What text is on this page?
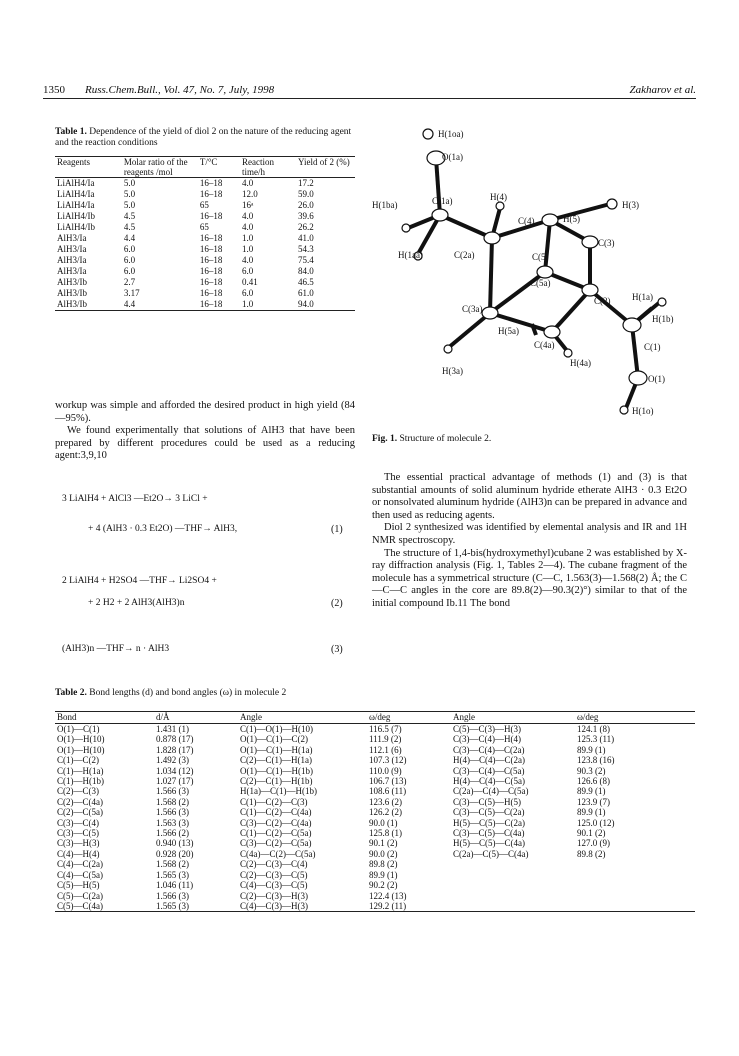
1350 Russ.Chem.Bull., Vol. 47, No. 7, July, 1998	Zakharov et al.
Table 1. Dependence of the yield of diol 2 on the nature of the reducing agent and the reaction conditions
Reagents	Molar ratio of the reagents /mol	T/°C	Reaction time/h	Yield of 2 (%)
LiAlH4/Ia	5.0	16–18	4.0	17.2
LiAlH4/Ia	5.0	16–18	12.0	59.0
LiAlH4/Ia	5.0	65	16ᵃ	26.0
LiAlH4/Ib	4.5	16–18	4.0	39.6
LiAlH4/Ib	4.5	65	4.0	26.2
AlH3/Ia	4.4	16–18	1.0	41.0
AlH3/Ia	6.0	16–18	1.0	54.3
AlH3/Ia	6.0	16–18	4.0	75.4
AlH3/Ia	6.0	16–18	6.0	84.0
AlH3/Ib	2.7	16–18	0.41	46.5
AlH3/Ib	3.17	16–18	6.0	61.0
AlH3/Ib	4.4	16–18	1.0	94.0

workup was simple and afforded the desired product in high yield (84—95%).

We found experimentally that solutions of AlH3 that have been prepared by different procedures could be used as a reducing agent:3,9,10

3 LiAlH4 + AlCl3 —Et2O→ 3 LiCl +
+ 4 (AlH3 · 0.3 Et2O) —THF→ AlH3,	(1)
2 LiAlH4 + H2SO4 —THF→ Li2SO4 +
+ 2 H2 + 2 AlH3(AlH3)n	(2)
(AlH3)n —THF→ n · AlH3	(3)
H(1oa)
O(1a)
H(1ba)	C(1a)	H(4)
C(4)	H(5)
H(3)
H(1aa)	C(2a)	C(5)
C(3)
C(5a)
C(2) H(1a)
C(3a)
H(1b)
H(5a)
C(4a)	C(1)
H(4a)
H(3a)
O(1)
H(1o)
Fig. 1. Structure of molecule 2.

The essential practical advantage of methods (1) and (3) is that substantial amounts of solid aluminum hydride etherate AlH3 · 0.3 Et2O or nonsolvated aluminum hydride (AlH3)n can be prepared in advance and then used as reducing agents.

Diol 2 synthesized was identified by elemental analysis and IR and 1H NMR spectroscopy.

The structure of 1,4-bis(hydroxymethyl)cubane 2 was established by X-ray diffraction analysis (Fig. 1, Tables 2—4). The cubane fragment of the molecule has a symmetrical structure (C—C, 1.563(3)—1.568(2) Å; the C—C—C angles in the core are 89.8(2)—90.3(2)°) similar to that of the initial compound Ib.11 The bond

Table 2. Bond lengths (d) and bond angles (ω) in molecule 2
Bond	d/Å	Angle	ω/deg	Angle	ω/deg
O(1)—C(1)	1.431 (1)	C(1)—O(1)—H(10)	116.5 (7)	C(5)—C(3)—H(3)	124.1 (8)
O(1)—H(10)	0.878 (17)	O(1)—C(1)—C(2)	111.9 (2)	C(3)—C(4)—H(4)	125.3 (11)
O(1)—H(10)	1.828 (17)	O(1)—C(1)—H(1a)	112.1 (6)	C(3)—C(4)—C(2a)	89.9 (1)
C(1)—C(2)	1.492 (3)	C(2)—C(1)—H(1a)	107.3 (12)	H(4)—C(4)—C(2a)	123.8 (16)
C(1)—H(1a)	1.034 (12)	O(1)—C(1)—H(1b)	110.0 (9)	C(3)—C(4)—C(5a)	90.3 (2)
C(1)—H(1b)	1.027 (17)	C(2)—C(1)—H(1b)	106.7 (13)	H(4)—C(4)—C(5a)	126.6 (8)
C(2)—C(3)	1.566 (3)	H(1a)—C(1)—H(1b)	108.6 (11)	C(2a)—C(4)—C(5a)	89.9 (1)
C(2)—C(4a)	1.568 (2)	C(1)—C(2)—C(3)	123.6 (2)	C(3)—C(5)—H(5)	123.9 (7)
C(2)—C(5a)	1.566 (3)	C(1)—C(2)—C(4a)	126.2 (2)	C(3)—C(5)—C(2a)	89.9 (1)
C(3)—C(4)	1.563 (3)	C(3)—C(2)—C(4a)	90.0 (1)	H(5)—C(5)—C(2a)	125.0 (12)
C(3)—C(5)	1.566 (2)	C(1)—C(2)—C(5a)	125.8 (1)	C(3)—C(5)—C(4a)	90.1 (2)
C(3)—H(3)	0.940 (13)	C(3)—C(2)—C(5a)	90.1 (2)	H(5)—C(5)—C(4a)	127.0 (9)
C(4)—H(4)	0.928 (20)	C(4a)—C(2)—C(5a)	90.0 (2)	C(2a)—C(5)—C(4a)	89.8 (2)
C(4)—C(2a)	1.568 (2)	C(2)—C(3)—C(4)	89.8 (2)		
C(4)—C(5a)	1.565 (3)	C(2)—C(3)—C(5)	89.9 (1)		
C(5)—H(5)	1.046 (11)	C(4)—C(3)—C(5)	90.2 (2)		
C(5)—C(2a)	1.566 (3)	C(2)—C(3)—H(3)	122.4 (13)		
C(5)—C(4a)	1.565 (3)	C(4)—C(3)—H(3)	129.2 (11)		
